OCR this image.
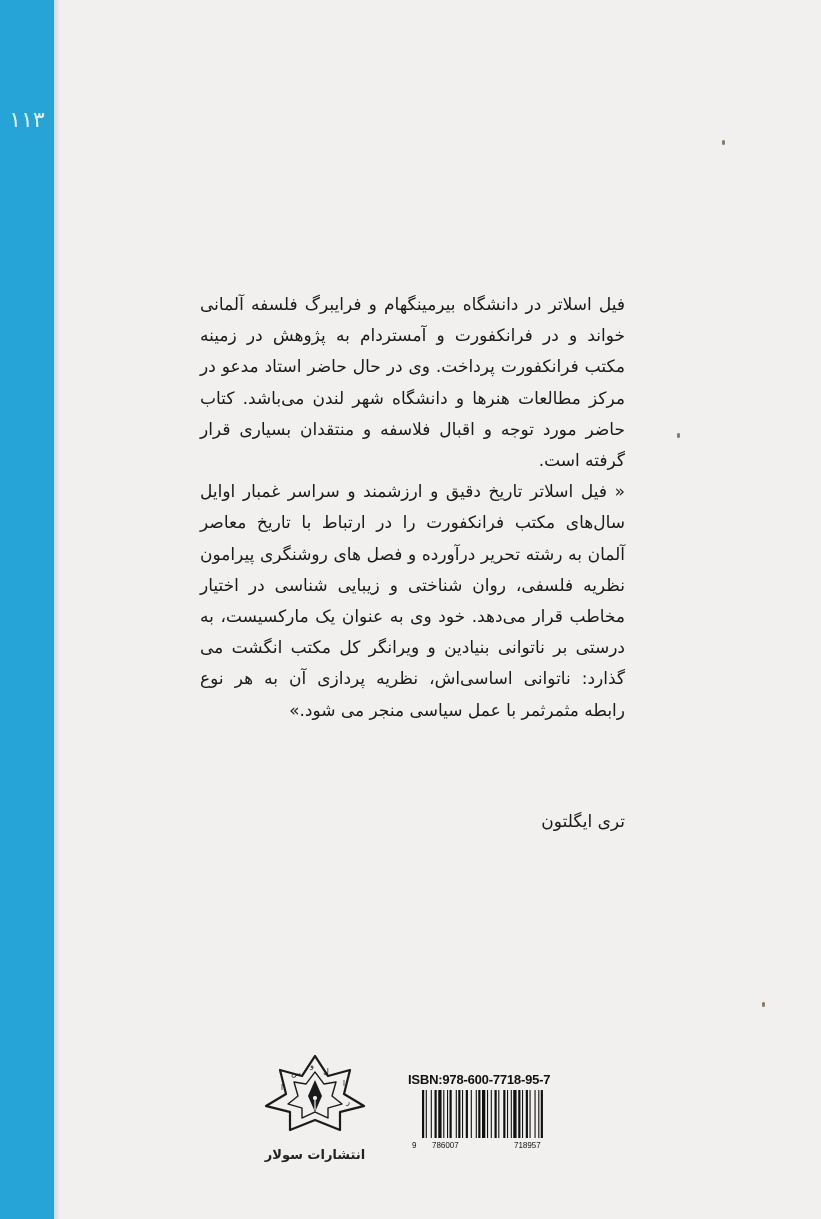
۱۱۳

فیل اسلاتر در دانشگاه بیرمینگهام و فرایبرگ فلسفه آلمانی خواند و در فرانکفورت و آمستردام به پژوهش در زمینه مکتب فرانکفورت پرداخت. وی در حال حاضر استاد مدعو در مرکز مطالعات هنرها و دانشگاه شهر لندن می‌باشد. کتاب حاضر مورد توجه و اقبال فلاسفه و منتقدان بسیاری قرار گرفته است.

« فیل اسلاتر تاریخ دقیق و ارزشمند و سراسر غمبار اوایل سال‌های مکتب فرانکفورت را در ارتباط با تاریخ معاصر آلمان به رشته تحریر درآورده و فصل های روشنگری پیرامون نظریه فلسفی، روان شناختی و زیبایی شناسی در اختیار مخاطب قرار می‌دهد. خود وی به عنوان یک مارکسیست، به درستی بر ناتوانی بنیادین و ویرانگر کل مکتب انگشت می گذارد: ناتوانی اساسی‌اش، نظریه پردازی آن به هر نوع رابطه مثمرثمر با عمل سیاسی منجر می شود.»

تری ایگلتون
ISBN:978-600-7718-95-7
9 786007	718957
ا
س
و
ل
ا
ر
انتشارات سولار
